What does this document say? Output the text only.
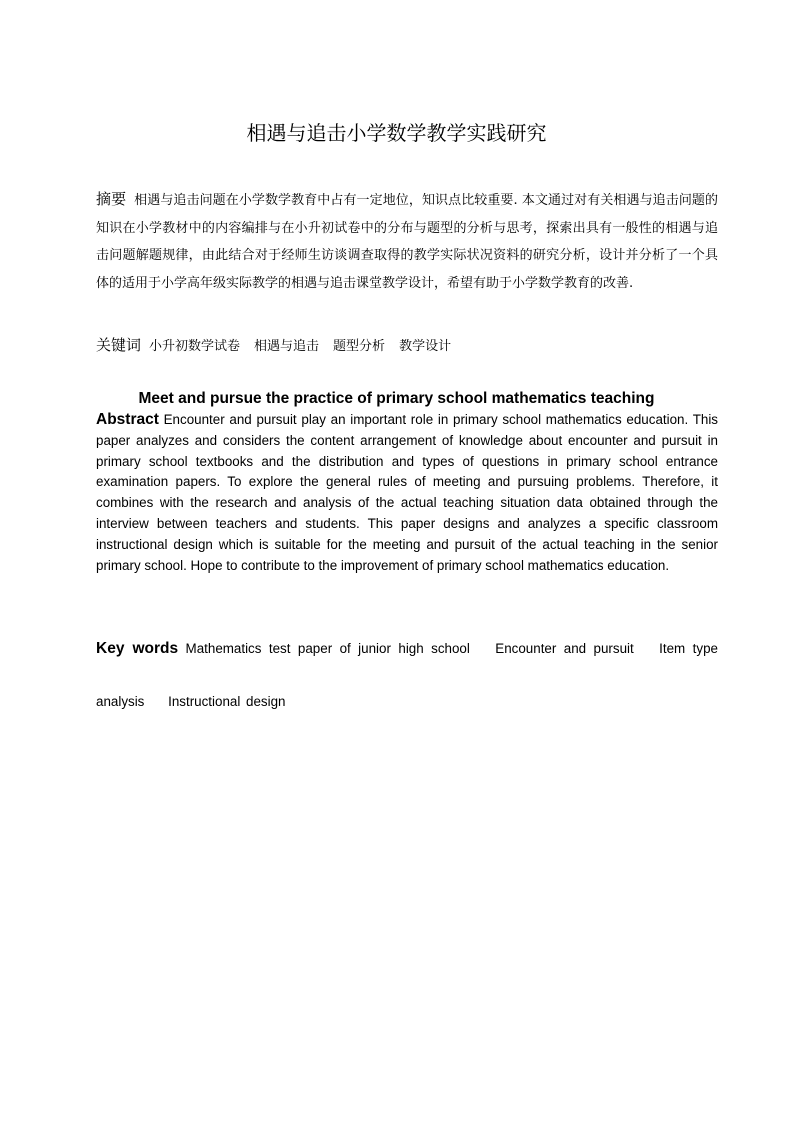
相遇与追击小学数学教学实践研究

摘要 相遇与追击问题在小学数学教育中占有一定地位，知识点比较重要. 本文通过对有关相遇与追击问题的知识在小学教材中的内容编排与在小升初试卷中的分布与题型的分析与思考，探索出具有一般性的相遇与追击问题解题规律，由此结合对于经师生访谈调查取得的教学实际状况资料的研究分析，设计并分析了一个具体的适用于小学高年级实际教学的相遇与追击课堂教学设计，希望有助于小学数学教育的改善.

关键词 小升初数学试卷 相遇与追击 题型分析 教学设计

Meet and pursue the practice of primary school mathematics teaching

Abstract Encounter and pursuit play an important role in primary school mathematics education. This paper analyzes and considers the content arrangement of knowledge about encounter and pursuit in primary school textbooks and the distribution and types of questions in primary school entrance examination papers. To explore the general rules of meeting and pursuing problems. Therefore, it combines with the research and analysis of the actual teaching situation data obtained through the interview between teachers and students. This paper designs and analyzes a specific classroom instructional design which is suitable for the meeting and pursuit of the actual teaching in the senior primary school. Hope to contribute to the improvement of primary school mathematics education.

Key words Mathematics test paper of junior high school Encounter and pursuit Item type analysis Instructional design
